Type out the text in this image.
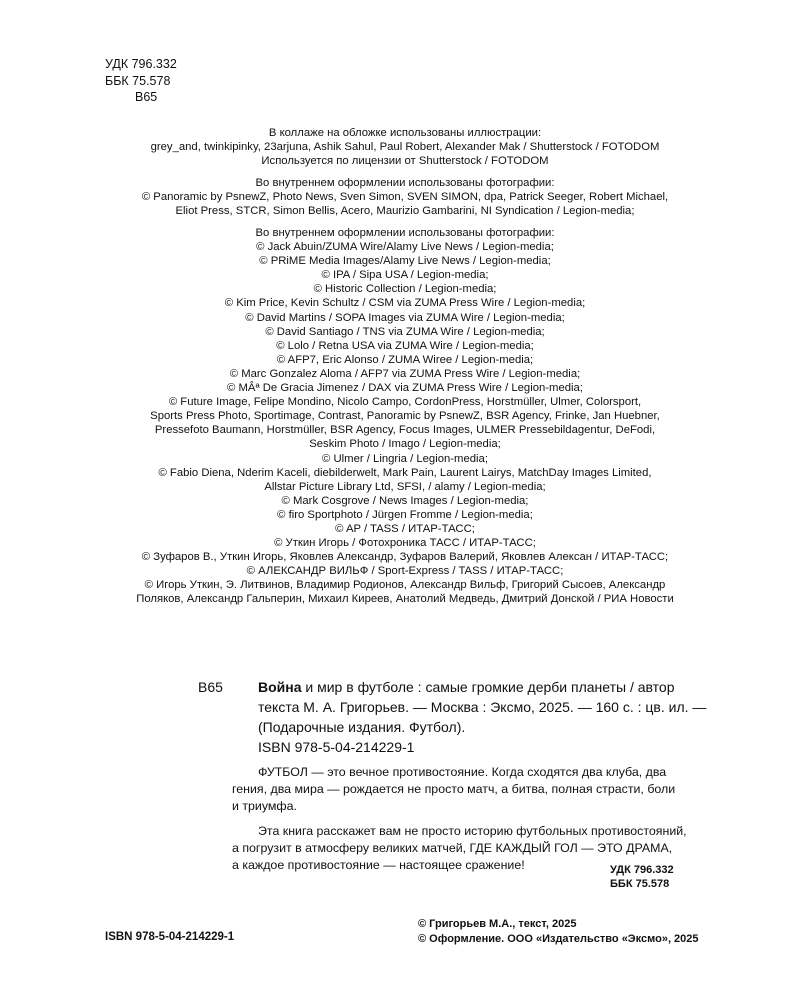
УДК 796.332
ББК 75.578
В65
В коллаже на обложке использованы иллюстрации:
grey_and, twinkipinky, 23arjuna, Ashik Sahul, Paul Robert, Alexander Mak / Shutterstock / FOTODOM
Используется по лицензии от Shutterstock / FOTODOM
Во внутреннем оформлении использованы фотографии:
© Panoramic by PsnewZ, Photo News, Sven Simon, SVEN SIMON, dpa, Patrick Seeger, Robert Michael,
Eliot Press, STCR, Simon Bellis, Acero, Maurizio Gambarini, NI Syndication / Legion-media;
Во внутреннем оформлении использованы фотографии:
© Jack Abuin/ZUMA Wire/Alamy Live News / Legion-media;
© PRiME Media Images/Alamy Live News / Legion-media;
© IPA / Sipa USA / Legion-media;
© Historic Collection / Legion-media;
© Kim Price, Kevin Schultz / CSM via ZUMA Press Wire / Legion-media;
© David Martins / SOPA Images via ZUMA Wire / Legion-media;
© David Santiago / TNS via ZUMA Wire / Legion-media;
© Lolo / Retna USA via ZUMA Wire / Legion-media;
© AFP7, Eric Alonso / ZUMA Wiree / Legion-media;
© Marc Gonzalez Aloma / AFP7 via ZUMA Press Wire / Legion-media;
© MÂª De Gracia Jimenez / DAX via ZUMA Press Wire / Legion-media;
© Future Image, Felipe Mondino, Nicolo Campo, CordonPress, Horstmüller, Ulmer, Colorsport,
Sports Press Photo, Sportimage, Contrast, Panoramic by PsnewZ, BSR Agency, Frinke, Jan Huebner,
Pressefoto Baumann, Horstmüller, BSR Agency, Focus Images, ULMER Pressebildagentur, DeFodi,
Seskim Photo / Imago / Legion-media;
© Ulmer / Lingria / Legion-media;
© Fabio Diena, Nderim Kaceli, diebilderwelt, Mark Pain, Laurent Lairys, MatchDay Images Limited,
Allstar Picture Library Ltd, SFSI, / alamy / Legion-media;
© Mark Cosgrove / News Images / Legion-media;
© firo Sportphoto / Jürgen Fromme / Legion-media;
© AP / TASS / ИТАР-ТАСС;
© Уткин Игорь / Фотохроника ТАСС / ИТАР-ТАСС;
© Зуфаров В., Уткин Игорь, Яковлев Александр, Зуфаров Валерий, Яковлев Алексан / ИТАР-ТАСС;
© АЛЕКСАНДР ВИЛЬФ / Sport-Express / TASS / ИТАР-ТАСС;
© Игорь Уткин, Э. Литвинов, Владимир Родионов, Александр Вильф, Григорий Сысоев, Александр
Поляков, Александр Гальперин, Михаил Киреев, Анатолий Медведь, Дмитрий Донской / РИА Новости
В65	Война и мир в футболе : самые громкие дерби планеты / автор
текста М. А. Григорьев. — Москва : Эксмо, 2025. — 160 с. : цв. ил. —
(Подарочные издания. Футбол).
ISBN 978-5-04-214229-1
ФУТБОЛ — это вечное противостояние. Когда сходятся два клуба, два
гения, два мира — рождается не просто матч, а битва, полная страсти, боли
и триумфа.
Эта книга расскажет вам не просто историю футбольных противостояний,
а погрузит в атмосферу великих матчей, ГДЕ КАЖДЫЙ ГОЛ — ЭТО ДРАМА,
а каждое противостояние — настоящее сражение!	УДК 796.332
ББК 75.578
ISBN 978-5-04-214229-1
© Григорьев М.А., текст, 2025
© Оформление. ООО «Издательство «Эксмо», 2025
